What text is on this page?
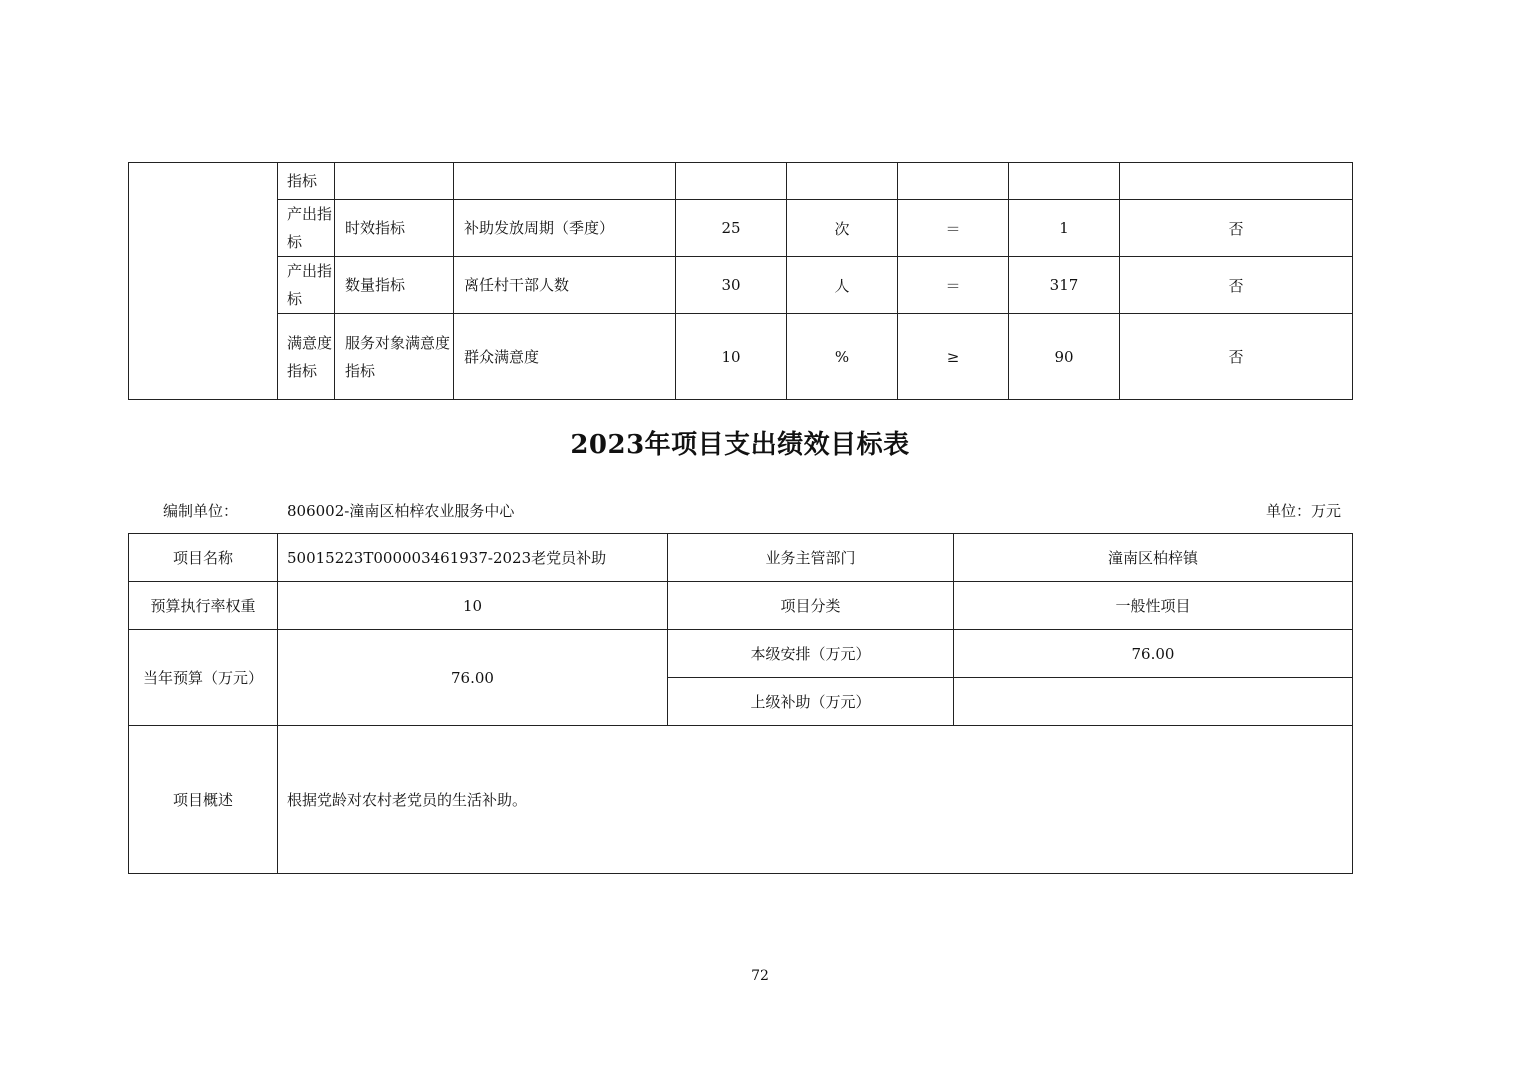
	指标							
	产出指标	时效指标	补助发放周期（季度）	25	次	＝	1	否
	产出指标	数量指标	离任村干部人数	30	人	＝	317	否
	满意度指标	服务对象满意度指标	群众满意度	10	%	≥	90	否
2023年项目支出绩效目标表
编制单位：	806002-潼南区柏梓农业服务中心	单位：万元
项目名称	50015223T000003461937-2023老党员补助	业务主管部门	潼南区柏梓镇
预算执行率权重	10	项目分类	一般性项目
当年预算（万元）	76.00	本级安排（万元）	76.00
		上级补助（万元）	
项目概述	根据党龄对农村老党员的生活补助。		
72
